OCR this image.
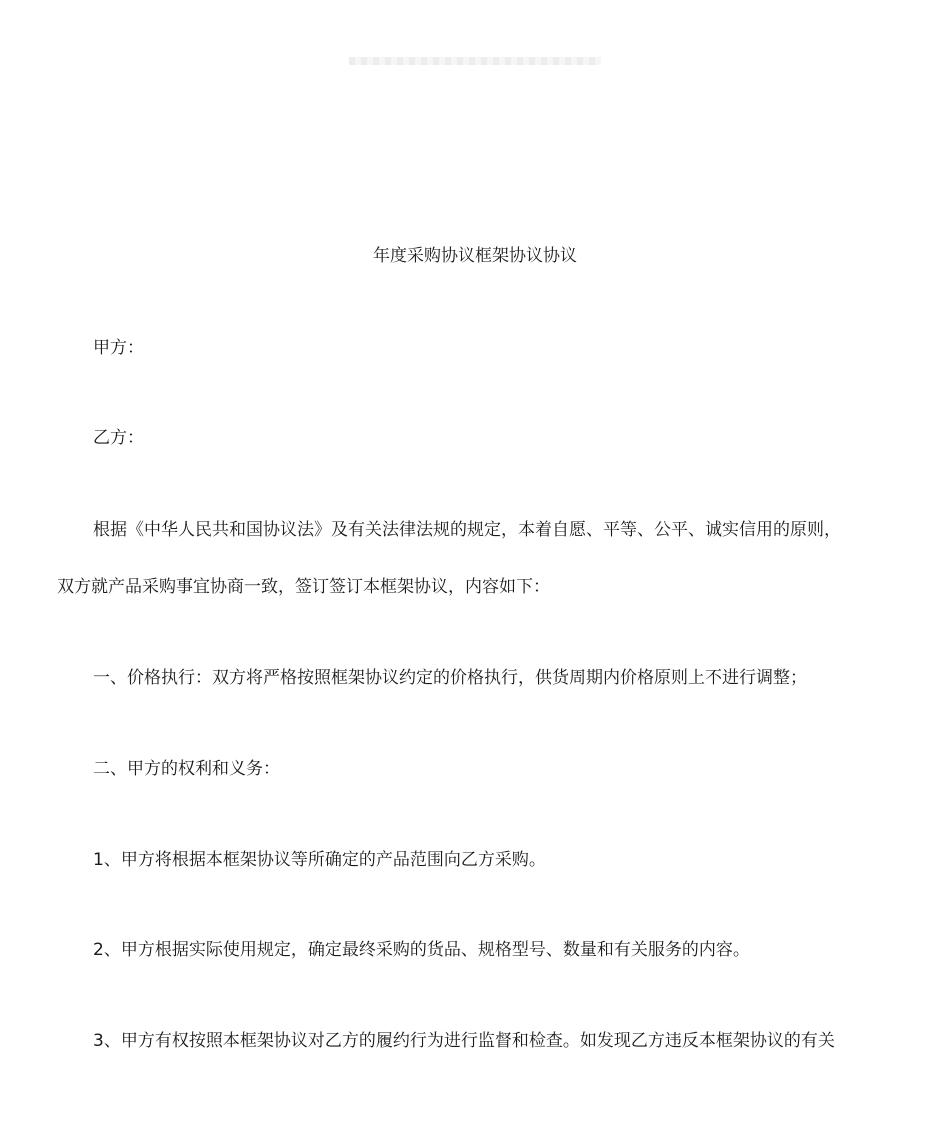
年度采购协议框架协议协议
甲方：
乙方：
根据《中华人民共和国协议法》及有关法律法规的规定，本着自愿、平等、公平、诚实信用的原则，
双方就产品采购事宜协商一致，签订签订本框架协议，内容如下：
一、价格执行：双方将严格按照框架协议约定的价格执行，供货周期内价格原则上不进行调整；
二、甲方的权利和义务：
1、甲方将根据本框架协议等所确定的产品范围向乙方采购。
2、甲方根据实际使用规定，确定最终采购的货品、规格型号、数量和有关服务的内容。
3、甲方有权按照本框架协议对乙方的履约行为进行监督和检查。如发现乙方违反本框架协议的有关
